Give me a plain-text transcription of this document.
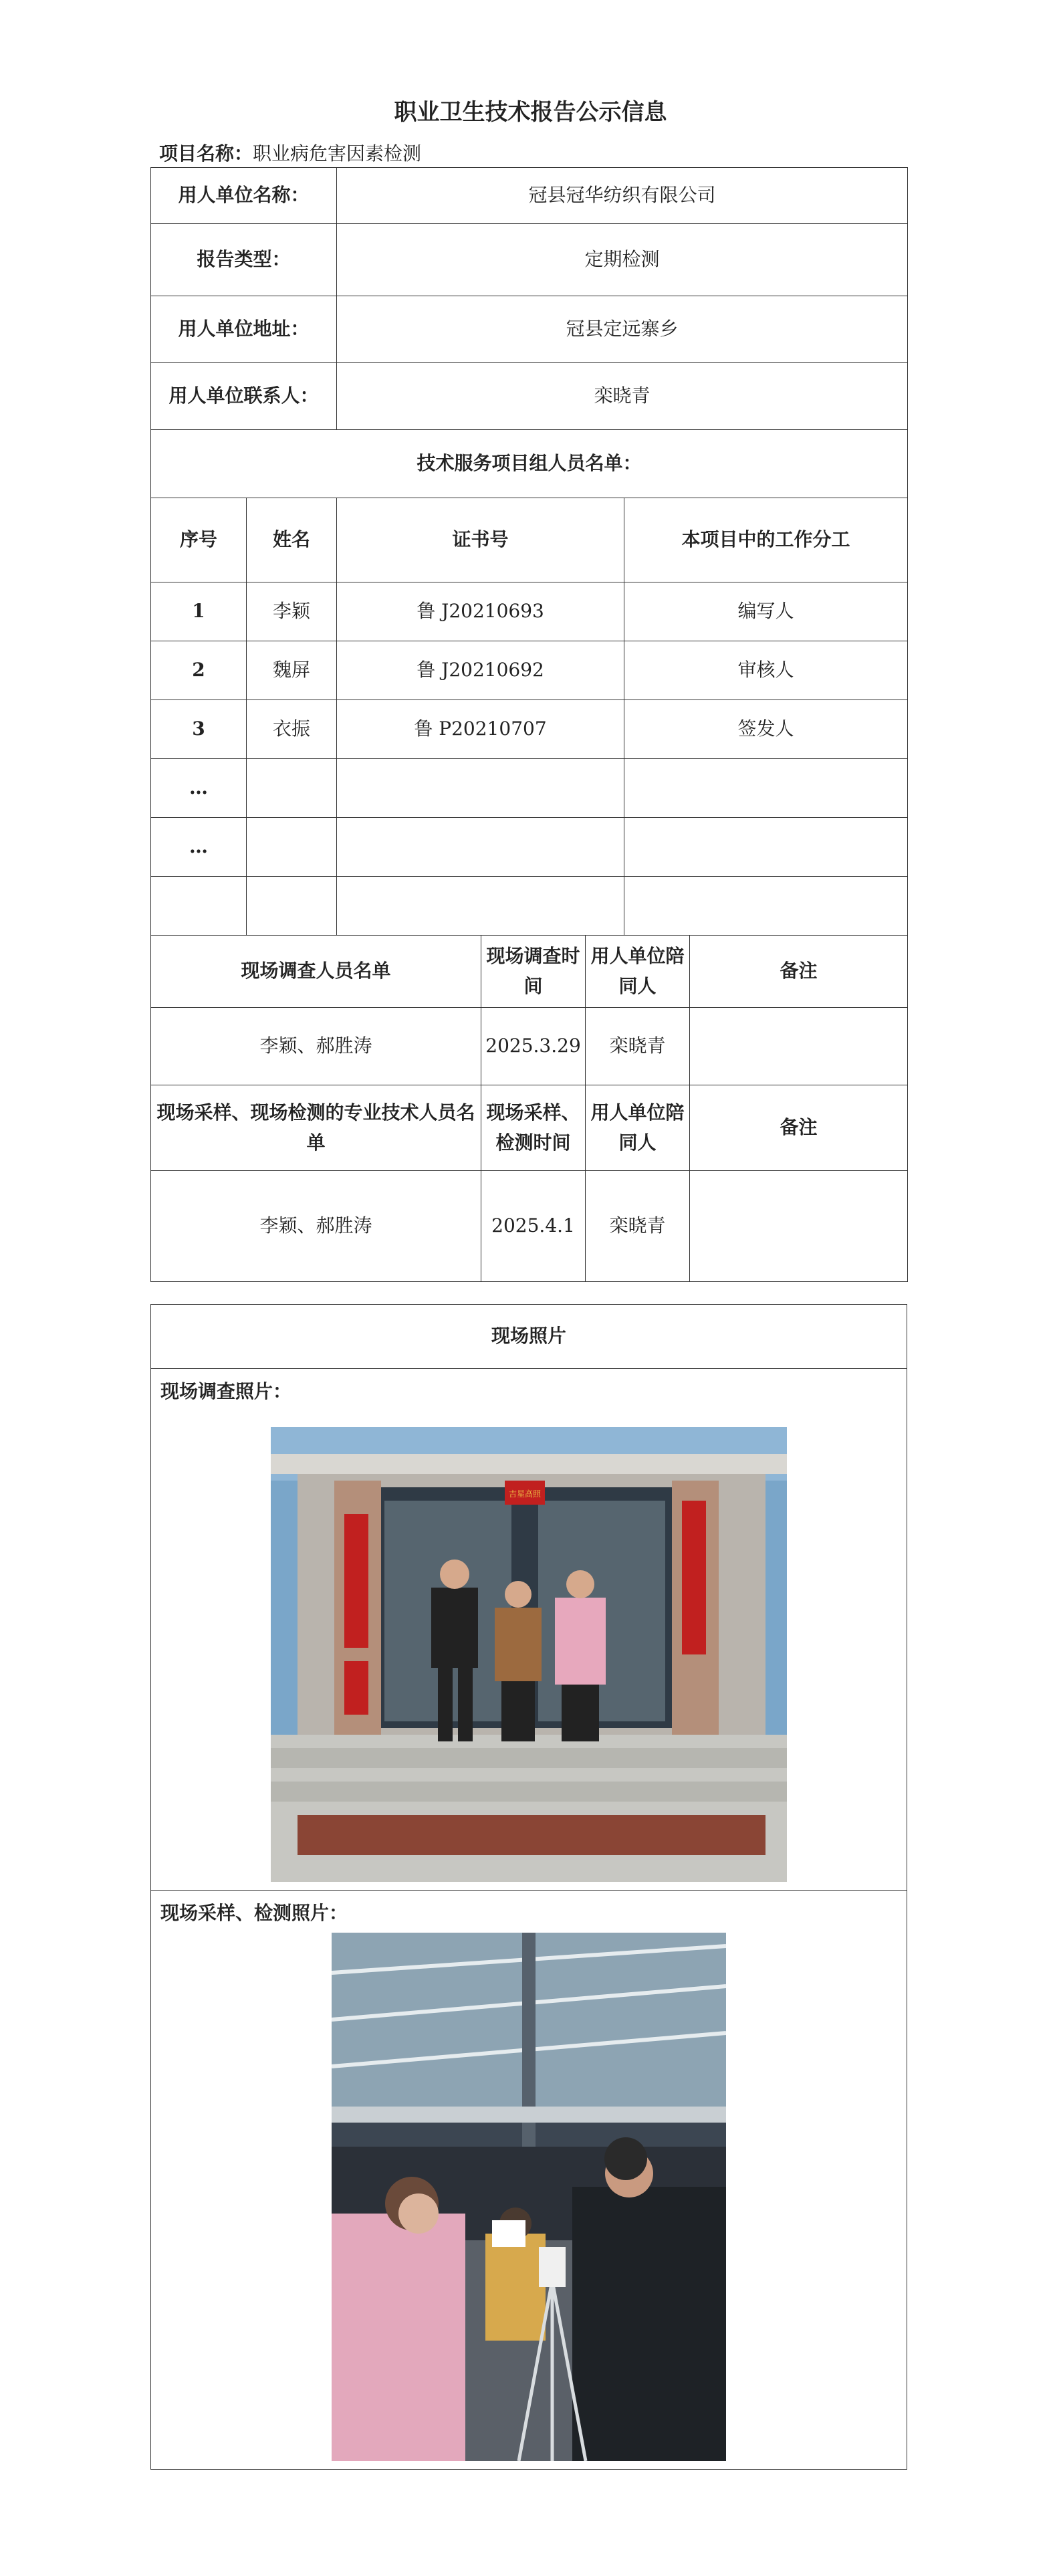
职业卫生技术报告公示信息
项目名称：职业病危害因素检测
用人单位名称：		冠县冠华纺织有限公司				
报告类型：		定期检测				
用人单位地址：		冠县定远寨乡				
用人单位联系人：		栾晓青				
技术服务项目组人员名单：						
序号	姓名	证书号			本项目中的工作分工	
1	李颖	鲁 J20210693			编写人	
2	魏屏	鲁 J20210692			审核人	
3	衣振	鲁 P20210707			签发人	
…						
…						

现场调查人员名单			现场调查时间	用人单位陪同人		备注
李颖、郝胜涛			2025.3.29	栾晓青		
现场采样、现场检测的专业技术人员名单			现场采样、检测时间	用人单位陪同人		备注
李颖、郝胜涛			2025.4.1	栾晓青		
现场照片

现场调查照片：
吉星高照

现场采样、检测照片：
